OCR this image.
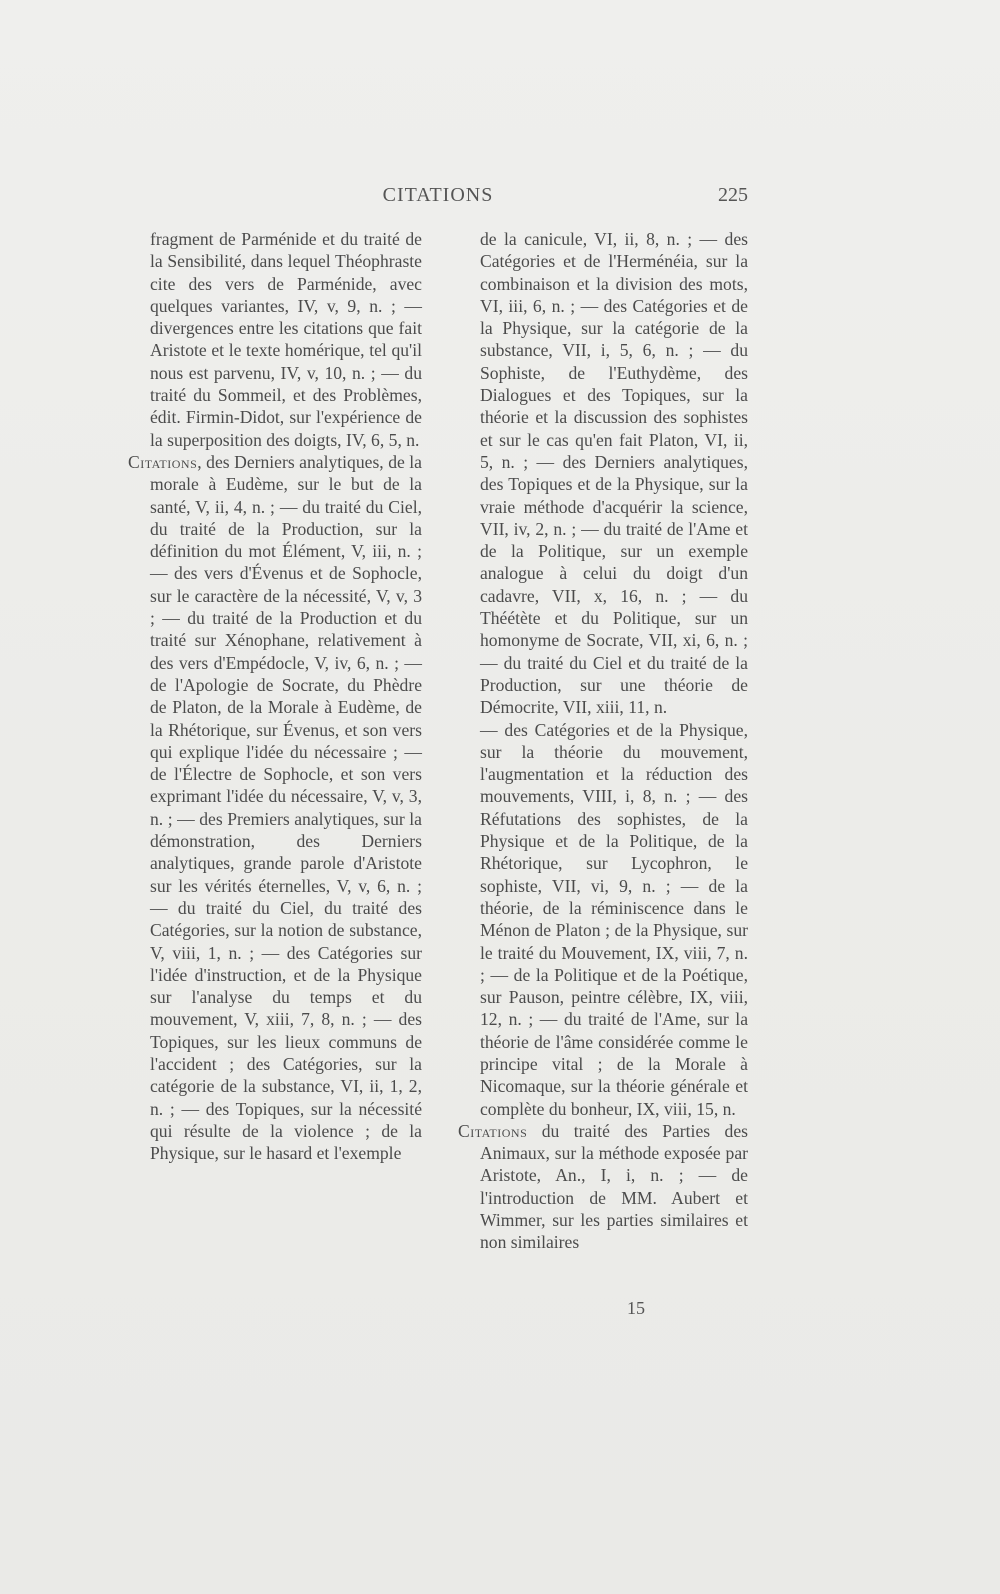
CITATIONS	225

fragment de Parménide et du traité de la Sensibilité, dans lequel Théophraste cite des vers de Parménide, avec quelques variantes, IV, v, 9, n. ; — divergences entre les citations que fait Aristote et le texte homérique, tel qu'il nous est parvenu, IV, v, 10, n. ; — du traité du Sommeil, et des Problèmes, édit. Firmin-Didot, sur l'expérience de la superposition des doigts, IV, 6, 5, n.

Citations, des Derniers analytiques, de la morale à Eudème, sur le but de la santé, V, ii, 4, n. ; — du traité du Ciel, du traité de la Production, sur la définition du mot Élément, V, iii, n. ; — des vers d'Évenus et de Sophocle, sur le caractère de la nécessité, V, v, 3 ; — du traité de la Production et du traité sur Xénophane, relativement à des vers d'Empédocle, V, iv, 6, n. ; — de l'Apologie de Socrate, du Phèdre de Platon, de la Morale à Eudème, de la Rhétorique, sur Évenus, et son vers qui explique l'idée du nécessaire ; — de l'Électre de Sophocle, et son vers exprimant l'idée du nécessaire, V, v, 3, n. ; — des Premiers analytiques, sur la démonstration, des Derniers analytiques, grande parole d'Aristote sur les vérités éternelles, V, v, 6, n. ; — du traité du Ciel, du traité des Catégories, sur la notion de substance, V, viii, 1, n. ; — des Catégories sur l'idée d'instruction, et de la Physique sur l'analyse du temps et du mouvement, V, xiii, 7, 8, n. ; — des Topiques, sur les lieux communs de l'accident ; des Catégories, sur la catégorie de la substance, VI, ii, 1, 2, n. ; — des Topiques, sur la nécessité qui résulte de la violence ; de la Physique, sur le hasard et l'exemple

de la canicule, VI, ii, 8, n. ; — des Catégories et de l'Herménéia, sur la combinaison et la division des mots, VI, iii, 6, n. ; — des Catégories et de la Physique, sur la catégorie de la substance, VII, i, 5, 6, n. ; — du Sophiste, de l'Euthydème, des Dialogues et des Topiques, sur la théorie et la discussion des sophistes et sur le cas qu'en fait Platon, VI, ii, 5, n. ; — des Derniers analytiques, des Topiques et de la Physique, sur la vraie méthode d'acquérir la science, VII, iv, 2, n. ; — du traité de l'Ame et de la Politique, sur un exemple analogue à celui du doigt d'un cadavre, VII, x, 16, n. ; — du Théétète et du Politique, sur un homonyme de Socrate, VII, xi, 6, n. ; — du traité du Ciel et du traité de la Production, sur une théorie de Démocrite, VII, xiii, 11, n.

— des Catégories et de la Physique, sur la théorie du mouvement, l'augmentation et la réduction des mouvements, VIII, i, 8, n. ; — des Réfutations des sophistes, de la Physique et de la Politique, de la Rhétorique, sur Lycophron, le sophiste, VII, vi, 9, n. ; — de la théorie, de la réminiscence dans le Ménon de Platon ; de la Physique, sur le traité du Mouvement, IX, viii, 7, n. ; — de la Politique et de la Poétique, sur Pauson, peintre célèbre, IX, viii, 12, n. ; — du traité de l'Ame, sur la théorie de l'âme considérée comme le principe vital ; de la Morale à Nicomaque, sur la théorie générale et complète du bonheur, IX, viii, 15, n.

Citations du traité des Parties des Animaux, sur la méthode exposée par Aristote, An., I, i, n. ; — de l'introduction de MM. Aubert et Wimmer, sur les parties similaires et non similaires

15
